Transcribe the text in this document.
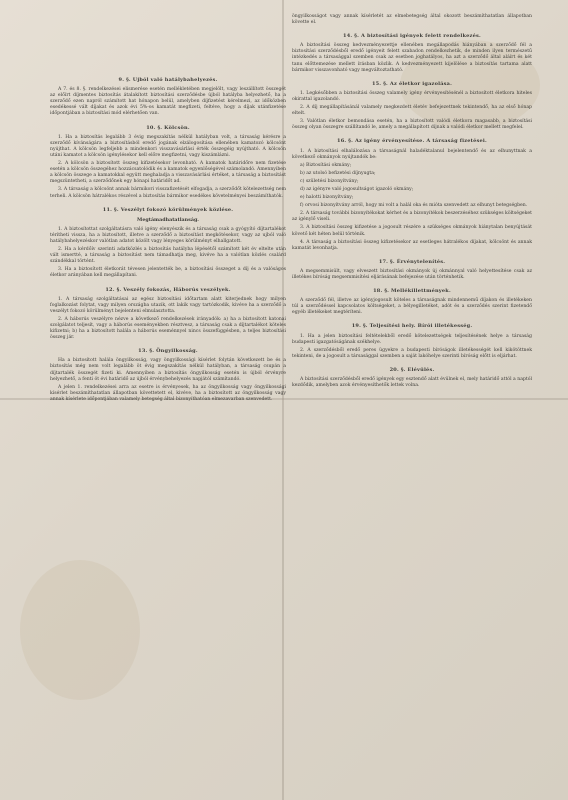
9. §. Ujból való hatálybahelyezés.

A 7. és 8. §. rendelkezései elismerése esetén mellékletében megjelölt, vagy leszállított összegét az előírt díjmentes biztosítás átalakított biztosítási szerződésbe újból hatályba helyezhető, ha a szerződő ezen napról számított hat hónapon belül, amelyben díjfizetést kérelmezi, az időközben esedékessé vált díjakat és azok évi 5%-os kamatát megfizeti, feltéve, hogy a díjak utánfizetése időpontjában a biztosítási mód elérhetően van.

10. §. Kölcsön.

1. Ha a biztosítás legalább 3 évig megszakítás nélkül hatályban volt, a társaság kérésre a szerződő kívánságára a biztosításból eredő jogának elzálogosítása ellenében kamatozó kölcsönt nyújthat. A kölcsön legfeljebb a mindenkori visszavásárlási érték összegéig nyújtható. A kölcsön utáni kamatot a kölcsön igénylésekor kell előre megfizetni, vagy kiszámlázni.

2. A kölcsön a biztosított összeg kifizetésekor levonható. A kamatok határidőre nem fizetése esetén a kölcsön összegéhez hozzácsatolódik és a kamatok egyenlőségével számolandó. Amennyiben a kölcsön összege a kamatokkal együtt meghaladja a visszavásárlási értéket, a társaság a biztosítást megszüntetheti, a szerződőnek egy hónapi határidőt ad.

3. A társaság a kölcsönt annak bármikori visszafizetését elfogadja, a szerződőt kötelezettség nem terheli. A kölcsön hátralékos részével a biztosítás bármikor esedékes követelményei beszámíthatók.

11. §. Veszélyt fokozó körülmények közlése.
Megtámadhatatlanság.

1. A biztosítottat szolgáltatásra való igény elenyészik és a társaság csak a gyógyító díjtartalékot térítheti vissza, ha a biztosított, illetve a szerződő a biztosítást megkötésekor, vagy az ujból való hatálybahelyezéskor valótlan adatot közölt vagy lényeges körülményt elhallgatott.

2. Ha a kérdőív szerinti adatközlés a biztosítás hatályba lépésétől számított két év eltelte után vált ismertté, a társaság a biztosítást nem támadhatja meg, kivéve ha a valótlan közlés csalárd szándékkal történt.

3. Ha a biztosított életkorát tévesen jelentették be, a biztosítási összeget a díj és a valóságos életkor arányában kell megállapítani.

12. §. Veszély fokozás, Háborús veszélyek.

1. A társaság szolgáltatásai az egész biztosítási időtartam alatt kiterjednek hogy milyen foglalkozást folytat, vagy milyen országba utazik, ott lakik vagy tartózkodik, kivéve ha a szerződő a veszélyt fokozó körülményt bejelenteni elmulasztotta.

2. A háborús veszélyre nézve a következő rendelkezések irányadók: a) ha a biztosított katonai szolgálatot teljesít, vagy a háborús eseményekben résztvesz, a társaság csak a díjtartalékot köteles kifizetni; b) ha a biztosított halála a háborús eseménnyel nincs összefüggésben, a teljes biztosítási összeg jár.

13. §. Öngyilkosság.

Ha a biztosított halála öngyilkosság, vagy öngyilkossági kísérlet folytán következett be és a biztosítás még nem volt legalább öt évig megszakítás nélkül hatályban, a társaság csupán a díjtartalék összegét fizeti ki. Amennyiben a biztosítás öngyilkosság esetén is újból érvényre helyezhető, a fenti öt évi határidő az újból érvénybehelyezés napjától számítandó.

A jelen 1. rendelkezései arra az esetre is érvényesek, ha az öngyilkosság vagy öngyilkossági kísérlet beszámíthatatlan állapotban követtetett el, kivéve, ha a biztosított az öngyilkosság vagy annak kísérlete időpontjában valamely betegség által bizonyíthatóan elmezavarban szenvedett.

öngyilkosságot vagy annak kísérletét az elmebetegség által okozott beszámíthatatlan állapotban követte el.

14. §. A biztosítási igények felett rendelkezés.

A biztosítási összeg kedvezményezettje ellenében megállapodás hiányában a szerződő fél a biztosítási szerződésből eredő igényeit felett szabadon rendelkezhetik, de minden ilyen természetű intézkedés a társasággal szemben csak az esetben joghatályos, ha azt a szerződő által aláírt és két tanu előttemezése mellett írásban közlik. A kedvezményezett kijelölése a biztosítás tartama alatt bármikor visszavonható vagy megváltoztatható.

15. §. Az életkor igazolása.

1. Legkésőbben a biztosítási összeg valamely igény érvényesítésénél a biztosított életkora hiteles okirattal igazolandó.

2. A díj megállapításánál valamely megkezdett életév befejezettnek tekintendő, ha az első hónap eltelt.

3. Valótlan életkor bemondása esetén, ha a biztosított valódi életkora magasabb, a biztosítási összeg olyan összegre szállítandó le, amely a megállapított díjnak a valódi életkor mellett megfelel.

16. §. Az igény érvényesítése. A társaság fizetései.

1. A biztosítási elhalálozása a társaságnál haladéktalanul bejelentendő és az elhunyttnak a következő okmányok nyújtandók be:

a) Biztosítási okmány;

b) az utolsó befizetési díjnyugta;

c) születési bizonyítvány;

d) az igényre való jogosultságot igazoló okmány;

e) halotti bizonyítvány;

f) orvosi bizonyítvány arról, hogy mi volt a halál oka és mióta szenvedett az elhunyt betegségben.

2. A társaság további bizonyítékokat kérhet és a bizonyítékok beszerzéséhez szükséges költségeket az igénylő viseli.

3. A biztosítási összeg kifizetése a jogosult részére a szükséges okmányok hiánytalan benyújtását követő két héten belül történik.

4. A társaság a biztosítási összeg kifizetésekor az esetleges hátralékos díjakat, kölcsönt és annak kamatát levonhatja.

17. §. Érvénytelenítés.

A megsemmisült, vagy elveszett biztosítási okmányok új okmánnyal való helyettesítése csak az illetékes bíróság megsemmisítési eljárásának befejezése után történhetik.

18. §. Mellékillettmények.

A szerződő fél, illetve az igényjogosult köteles a társaságnak mindennemű díjakon és illetékeken túl a szerződéssel kapcsolatos költségeket, a bélyegilletéket, adót és a szerződés szerint fizetendő egyéb illetékeket megtéríteni.

19. §. Teljesítési hely. Bírói illetékesség.

1. Ha a jelen biztosítási feltételekből eredő kötelezettségek teljesítésének helye a társaság budapesti igazgatóságának székhelye.

2. A szerződésből eredő peres ügyekre a budapesti bíróságok illetékességét kell kikötöttnek tekinteni, de a jogosult a társasággal szemben a saját lakóhelye szerinti bíróság előtt is eljárhat.

20. §. Elévülés.

A biztosítási szerződésből eredő igények egy esztendő alatt évülnek el, mely határidő attól a naptól kezdődik, amelyben azok érvényesíthetők lettek volna.
